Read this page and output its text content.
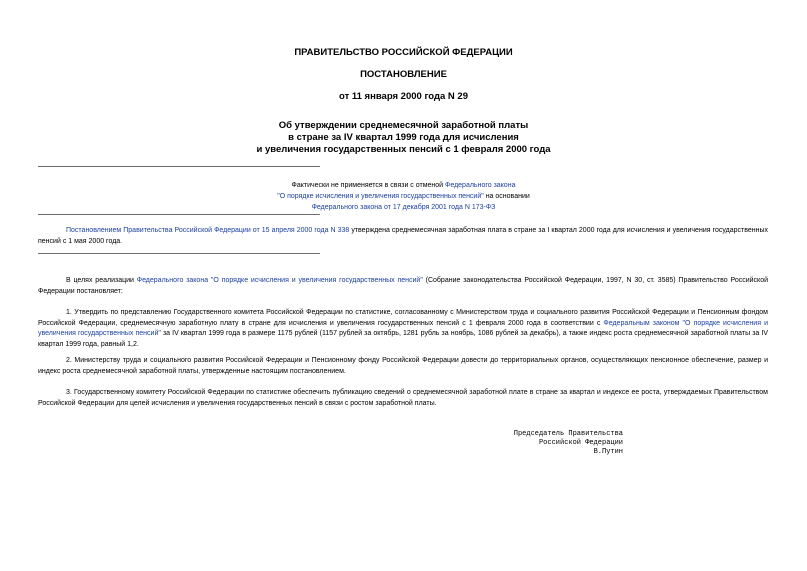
ПРАВИТЕЛЬСТВО РОССИЙСКОЙ ФЕДЕРАЦИИ
ПОСТАНОВЛЕНИЕ
от 11 января 2000 года N 29
Об утверждении среднемесячной заработной платы
в стране за IV квартал 1999 года для исчисления
и увеличения государственных пенсий с 1 февраля 2000 года
Фактически не применяется в связи с отменой Федерального закона
"О порядке исчисления и увеличения государственных пенсий" на основании
Федерального закона от 17 декабря 2001 года N 173-ФЗ
Постановлением Правительства Российской Федерации от 15 апреля 2000 года N 338 утверждена среднемесячная заработная плата в стране за I квартал 2000 года для исчисления и увеличения государственных пенсий с 1 мая 2000 года.
В целях реализации Федерального закона "О порядке исчисления и увеличения государственных пенсий" (Собрание законодательства Российской Федерации, 1997, N 30, ст. 3585) Правительство Российской Федерации постановляет:
1. Утвердить по представлению Государственного комитета Российской Федерации по статистике, согласованному с Министерством труда и социального развития Российской Федерации и Пенсионным фондом Российской Федерации, среднемесячную заработную плату в стране для исчисления и увеличения государственных пенсий с 1 февраля 2000 года в соответствии с Федеральным законом "О порядке исчисления и увеличения государственных пенсий" за IV квартал 1999 года в размере 1175 рублей (1157 рублей за октябрь, 1281 рубль за ноябрь, 1086 рублей за декабрь), а также индекс роста среднемесячной заработной платы за IV квартал 1999 года, равный 1,2.
2. Министерству труда и социального развития Российской Федерации и Пенсионному фонду Российской Федерации довести до территориальных органов, осуществляющих пенсионное обеспечение, размер и индекс роста среднемесячной заработной платы, утвержденные настоящим постановлением.
3. Государственному комитету Российской Федерации по статистике обеспечить публикацию сведений о среднемесячной заработной плате в стране за квартал и индексе ее роста, утверждаемых Правительством Российской Федерации для целей исчисления и увеличения государственных пенсий в связи с ростом заработной платы.
Председатель Правительства
Российской Федерации
В.Путин
